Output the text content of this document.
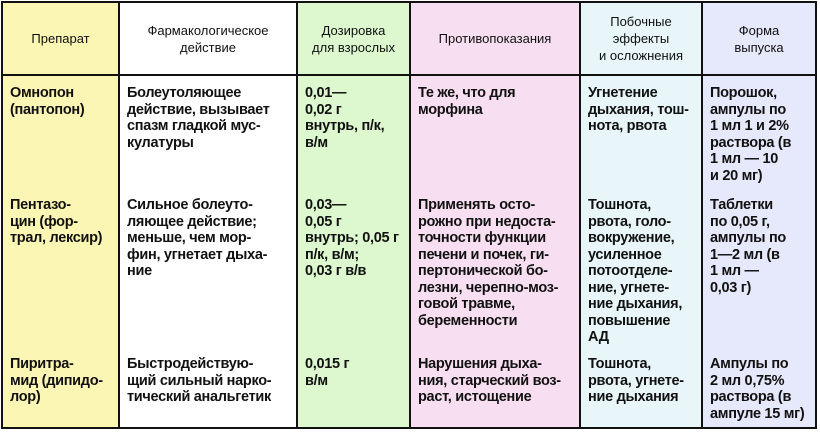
Препарат
Омнопон
(пантопон)
Пентазо-
цин (фор-
трал, лексир)
Пиритра-
мид (дипидо-
лор)
Фармакологическое
действие
Болеутоляющее
действие, вызывает
спазм гладкой мус-
кулатуры
Сильное болеуто-
ляющее действие;
меньше, чем мор-
фин, угнетает дыха-
ние
Быстродействую-
щий сильный нарко-
тический анальгетик
Дозировка
для взрослых
0,01—
0,02 г
внутрь, п/к,
в/м
0,03—
0,05 г
внутрь; 0,05 г
п/к, в/м;
0,03 г в/в
0,015 г
в/м
Противопоказания
Те же, что для
морфина
Применять осто-
рожно при недоста-
точности функции
печени и почек, ги-
пертонической бо-
лезни, черепно-моз-
говой травме,
беременности
Нарушения дыха-
ния, старческий воз-
раст, истощение
Побочные
эффекты
и осложнения
Угнетение
дыхания, тош-
нота, рвота
Тошнота,
рвота, голо-
вокружение,
усиленное
потоотделе-
ние, угнете-
ние дыхания,
повышение
АД
Тошнота,
рвота, угнете-
ние дыхания
Форма
выпуска
Порошок,
ампулы по
1 мл 1 и 2%
раствора (в
1 мл — 10
и 20 мг)
Таблетки
по 0,05 г,
ампулы по
1—2 мл (в
1 мл —
0,03 г)
Ампулы по
2 мл 0,75%
раствора (в
ампуле 15 мг)
